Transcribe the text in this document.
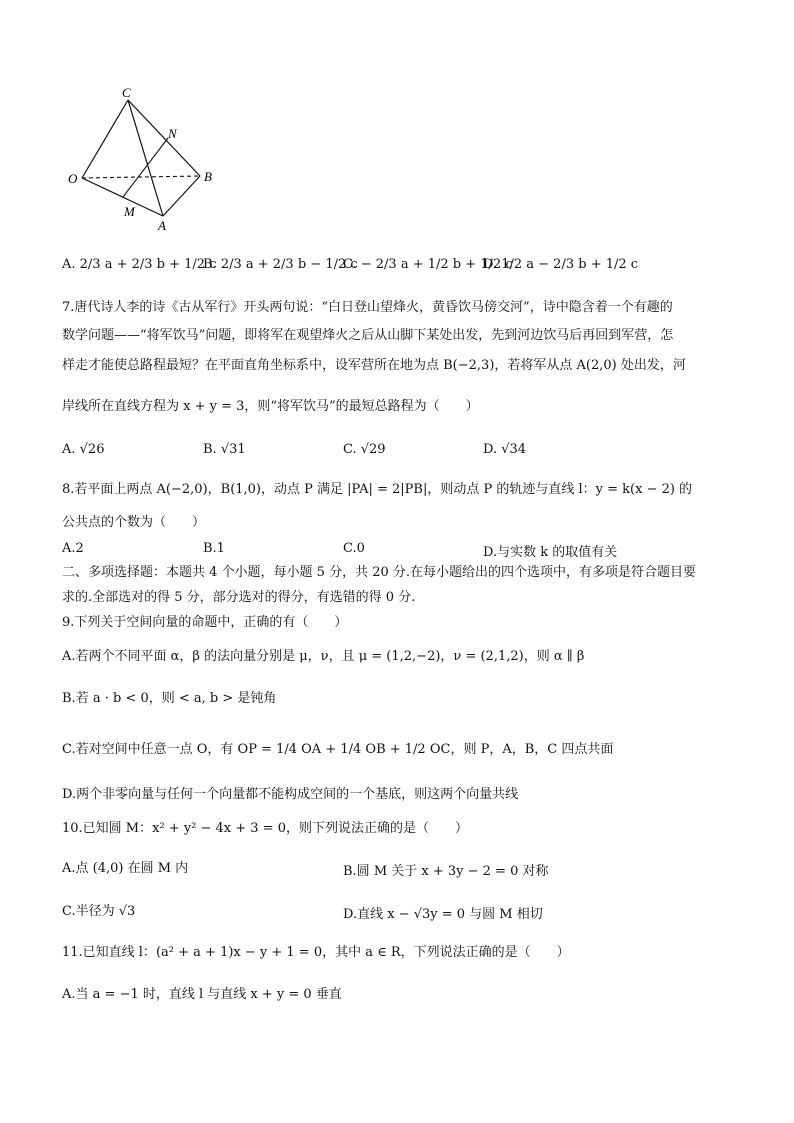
C
N
O	B
M
A
A. 2/3 a + 2/3 b + 1/2 c
B. 2/3 a + 2/3 b − 1/2 c
C. − 2/3 a + 1/2 b + 1/2 c
D. 1/2 a − 2/3 b + 1/2 c
7.唐代诗人李的诗《古从军行》开头两句说：“白日登山望烽火，黄昏饮马傍交河”，诗中隐含着一个有趣的
数学问题——“将军饮马”问题，即将军在观望烽火之后从山脚下某处出发，先到河边饮马后再回到军营，怎
样走才能使总路程最短？在平面直角坐标系中，设军营所在地为点 B(−2,3)，若将军从点 A(2,0) 处出发，河
岸线所在直线方程为 x + y = 3，则“将军饮马”的最短总路程为（　　）
A. √26	B. √31	C. √29	D. √34
8.若平面上两点 A(−2,0)，B(1,0)，动点 P 满足 |PA| = 2|PB|，则动点 P 的轨迹与直线 l：y = k(x − 2) 的
公共点的个数为（　　）
A.2	B.1	C.0	D.与实数 k 的取值有关
二、多项选择题：本题共 4 个小题，每小题 5 分，共 20 分.在每小题给出的四个选项中，有多项是符合题目要
求的.全部选对的得 5 分，部分选对的得分，有选错的得 0 分.
9.下列关于空间向量的命题中，正确的有（　　）
A.若两个不同平面 α，β 的法向量分别是 μ，ν，且 μ = (1,2,−2)，ν = (2,1,2)，则 α ∥ β
B.若 a · b < 0，则 < a, b > 是钝角
C.若对空间中任意一点 O，有 OP = 1/4 OA + 1/4 OB + 1/2 OC，则 P，A，B，C 四点共面
D.两个非零向量与任何一个向量都不能构成空间的一个基底，则这两个向量共线
10.已知圆 M：x² + y² − 4x + 3 = 0，则下列说法正确的是（　　）
A.点 (4,0) 在圆 M 内	B.圆 M 关于 x + 3y − 2 = 0 对称
C.半径为 √3	D.直线 x − √3y = 0 与圆 M 相切
11.已知直线 l：(a² + a + 1)x − y + 1 = 0，其中 a ∈ R，下列说法正确的是（　　）
A.当 a = −1 时，直线 l 与直线 x + y = 0 垂直
